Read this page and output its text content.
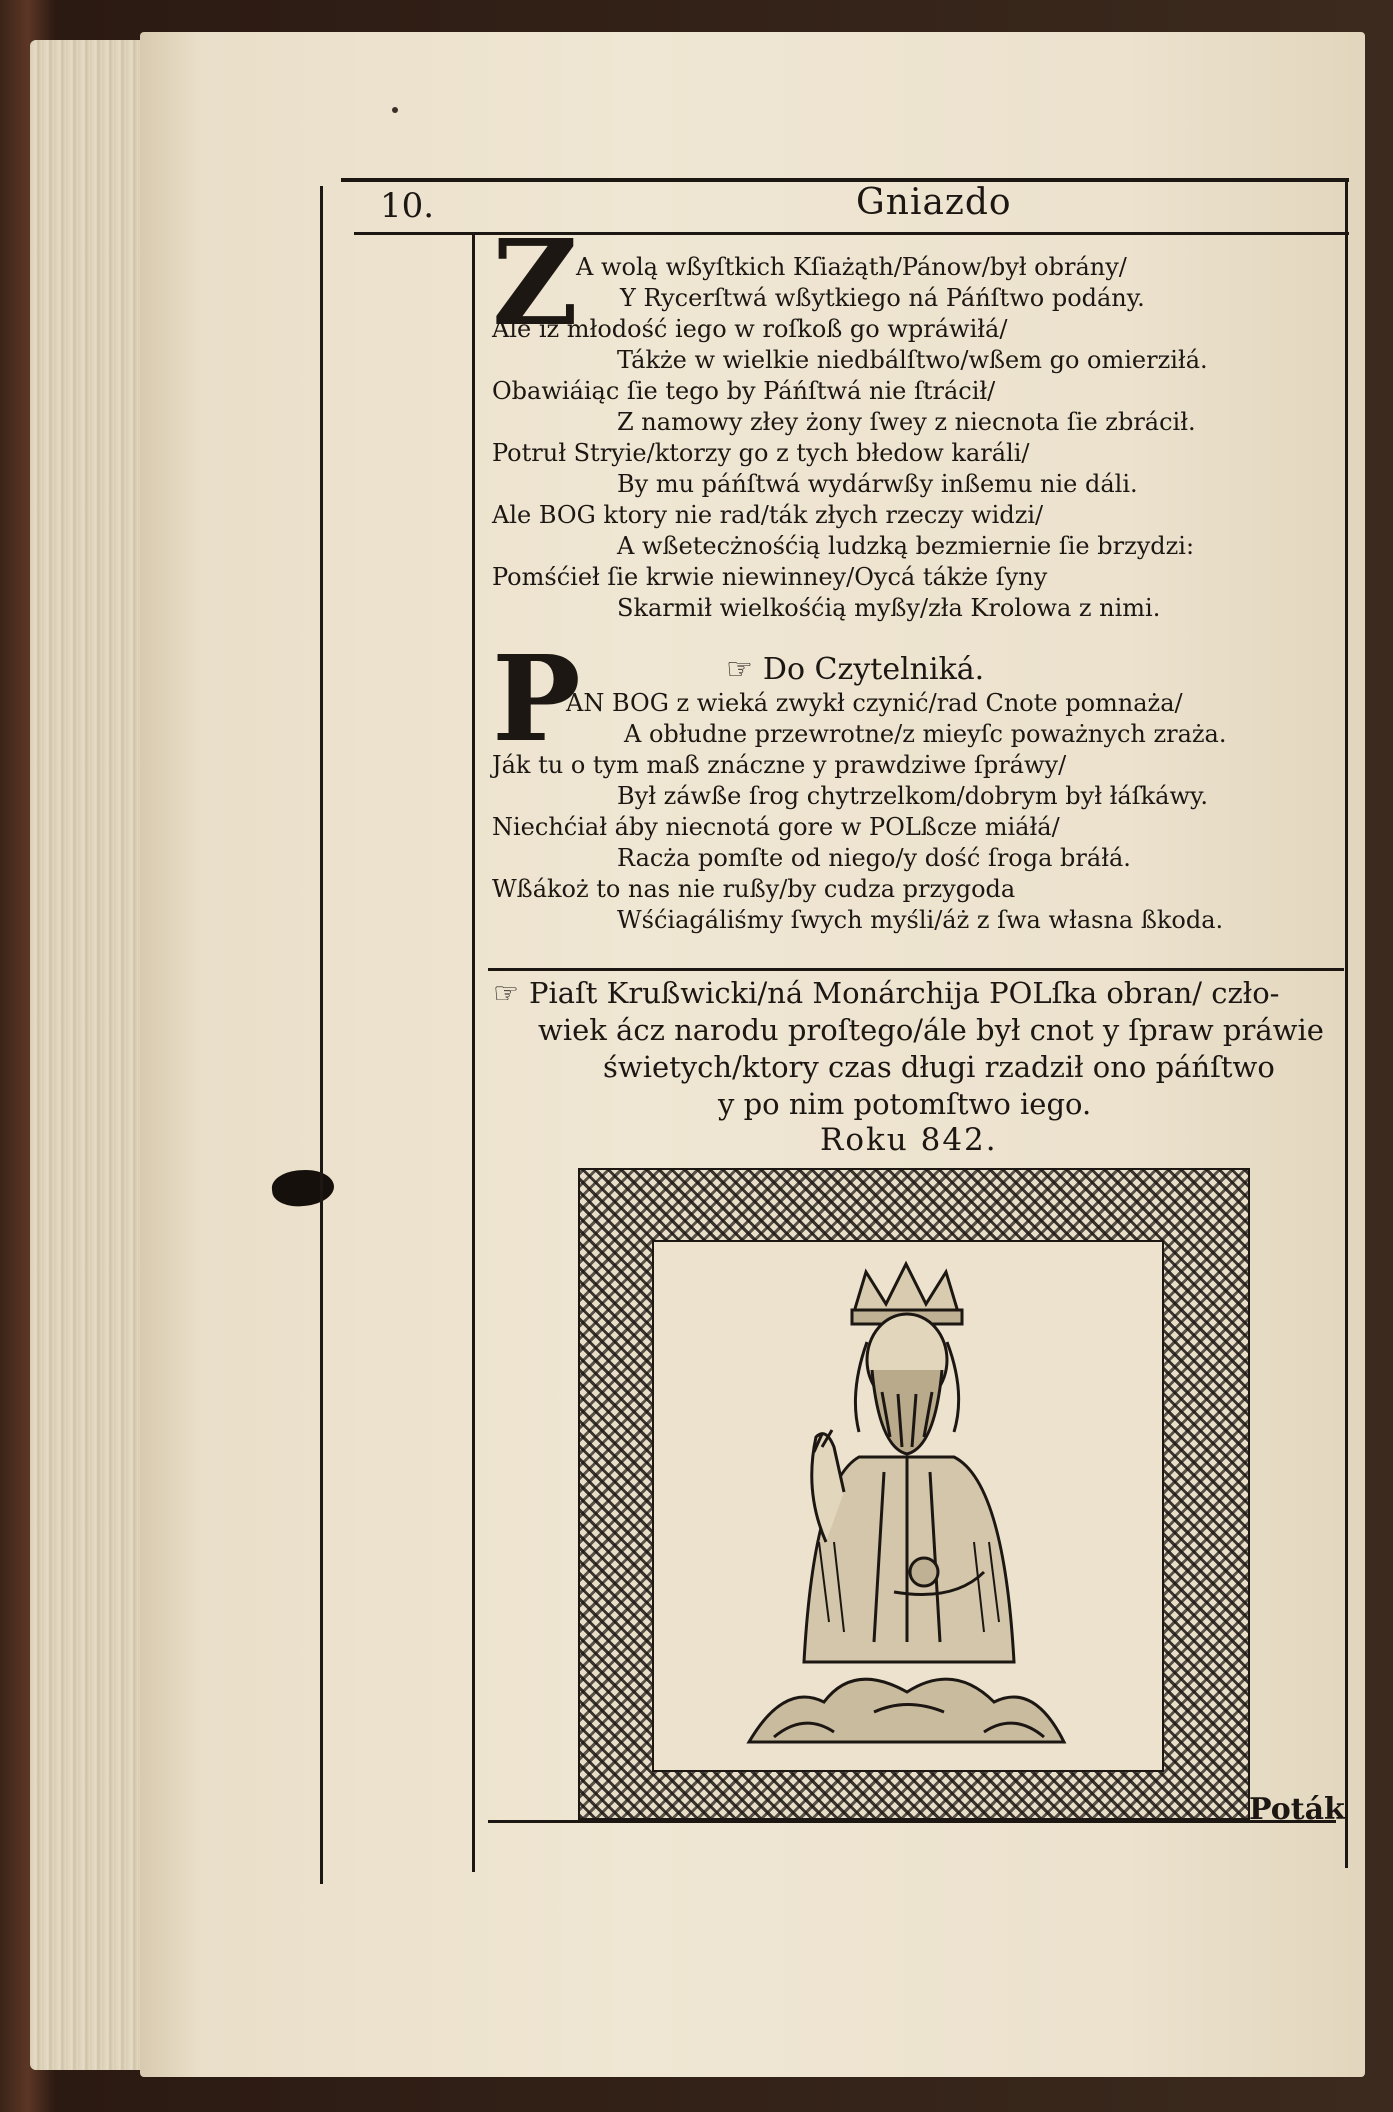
10.	Gniazdo
Z
A wolą wßyſtkich Kſiażąth/Pánow/był obrány/
Y Rycerſtwá wßytkiego ná Páńſtwo podány.
Ale iż młodość iego w roſkoß go wpráwiłá/
Tákże w wielkie niedbálſtwo/wßem go omierziłá.
Obawiáiąc ſie tego by Páńſtwá nie ſtrácił/
Z namowy złey żony ſwey z niecnota ſie zbrácił.
Potruł Stryie/ktorzy go z tych błedow karáli/
By mu páńſtwá wydárwßy inßemu nie dáli.
Ale BOG ktory nie rad/ták złych rzeczy widzi/
A wßetecżnośćią ludzką bezmiernie ſie brzydzi:
Pomśćieł ſie krwie niewinney/Oycá tákże ſyny
Skarmił wielkośćią myßy/zła Krolowa z nimi.
☞ Do Czytelniká.
P
AN BOG z wieká zwykł czynić/rad Cnote pomnaża/
A obłudne przewrotne/z mieyſc poważnych zraża.
Ják tu o tym maß znáczne y prawdziwe ſpráwy/
Był záwße ſrog chytrzelkom/dobrym był łáſkáwy.
Niechćiał áby niecnotá gore w POLßcze miáłá/
Racża pomſte od niego/y dość ſroga bráłá.
Wßákoż to nas nie rußy/by cudza przygoda
Wśćiagáliśmy ſwych myśli/áż z ſwa własna ßkoda.
☞ Piaſt Krußwicki/ná Monárchija POLſka obran/ czło-
wiek ácz narodu proſtego/ále był cnot y ſpraw práwie
świetych/ktory czas długi rzadził ono páńſtwo
y po nim potomſtwo iego.
Roku 842.
Poták
